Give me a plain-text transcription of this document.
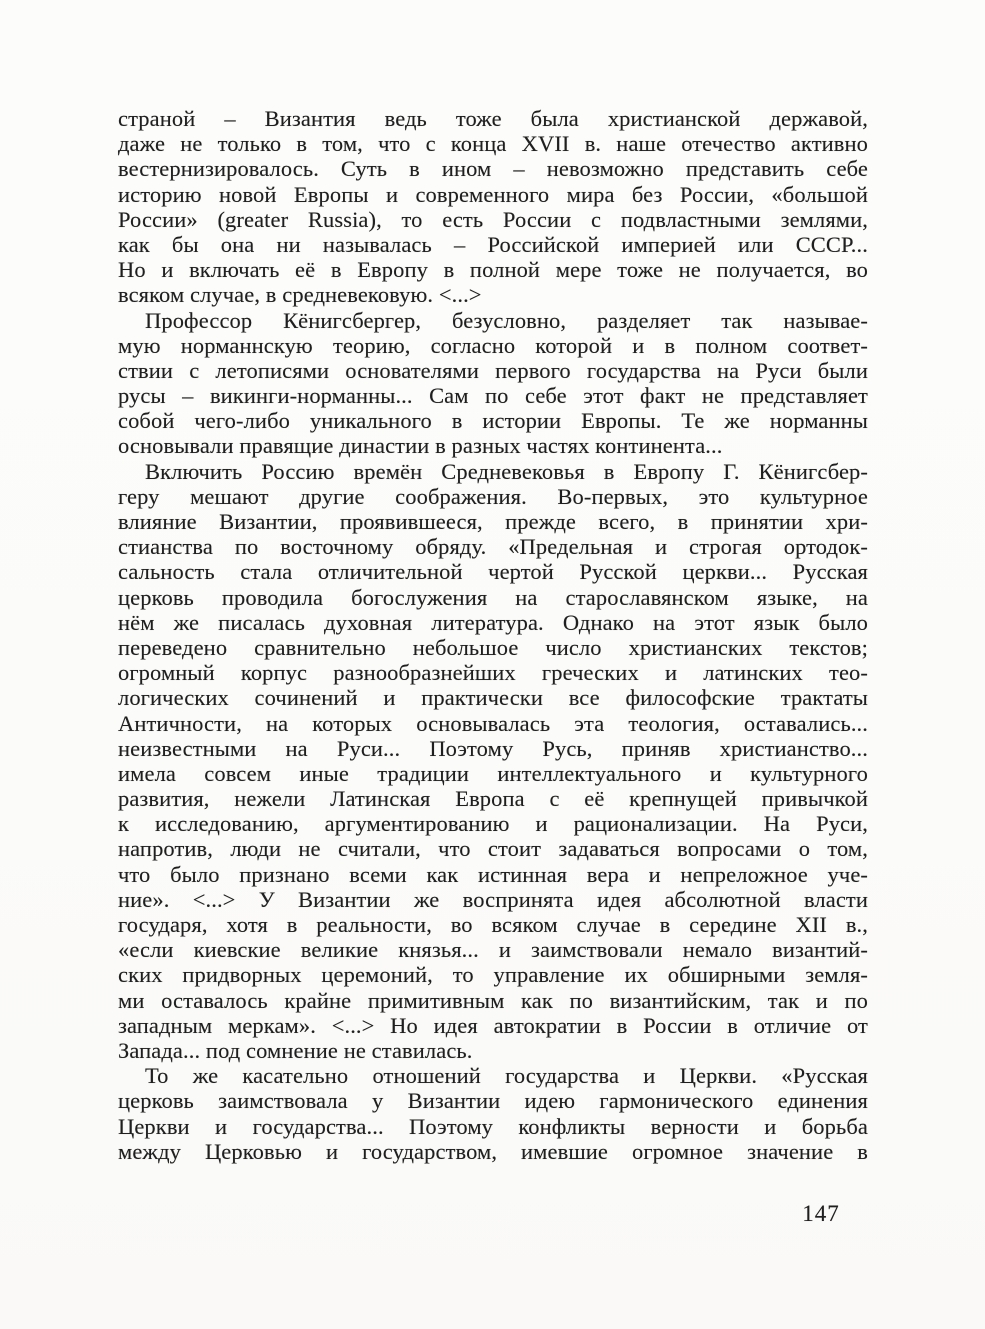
страной – Византия ведь тоже была христианской державой,
даже не только в том, что с конца XVII в. наше отечество активно
вестернизировалось. Суть в ином – невозможно представить себе
историю новой Европы и современного мира без России, «большой
России» (greater Russia), то есть России с подвластными землями,
как бы она ни называлась – Российской империей или СССР...
Но и включать её в Европу в полной мере тоже не получается, во
всяком случае, в средневековую. <...>
Профессор Кёнигсбергер, безусловно, разделяет так называе-
мую норманнскую теорию, согласно которой и в полном соответ-
ствии с летописями основателями первого государства на Руси были
русы – викинги-норманны... Сам по себе этот факт не представляет
собой чего-либо уникального в истории Европы. Те же норманны
основывали правящие династии в разных частях континента...
Включить Россию времён Средневековья в Европу Г. Кёнигсбер-
геру мешают другие соображения. Во-первых, это культурное
влияние Византии, проявившееся, прежде всего, в принятии хри-
стианства по восточному обряду. «Предельная и строгая ортодок-
сальность стала отличительной чертой Русской церкви... Русская
церковь проводила богослужения на старославянском языке, на
нём же писалась духовная литература. Однако на этот язык было
переведено сравнительно небольшое число христианских текстов;
огромный корпус разнообразнейших греческих и латинских тео-
логических сочинений и практически все философские трактаты
Античности, на которых основывалась эта теология, оставались...
неизвестными на Руси... Поэтому Русь, приняв христианство...
имела совсем иные традиции интеллектуального и культурного
развития, нежели Латинская Европа с её крепнущей привычкой
к исследованию, аргументированию и рационализации. На Руси,
напротив, люди не считали, что стоит задаваться вопросами о том,
что было признано всеми как истинная вера и непреложное уче-
ние». <...> У Византии же воспринята идея абсолютной власти
государя, хотя в реальности, во всяком случае в середине XII в.,
«если киевские великие князья... и заимствовали немало византий-
ских придворных церемоний, то управление их обширными земля-
ми оставалось крайне примитивным как по византийским, так и по
западным меркам». <...> Но идея автократии в России в отличие от
Запада... под сомнение не ставилась.
То же касательно отношений государства и Церкви. «Русская
церковь заимствовала у Византии идею гармонического единения
Церкви и государства... Поэтому конфликты верности и борьба
между Церковью и государством, имевшие огромное значение в
147
